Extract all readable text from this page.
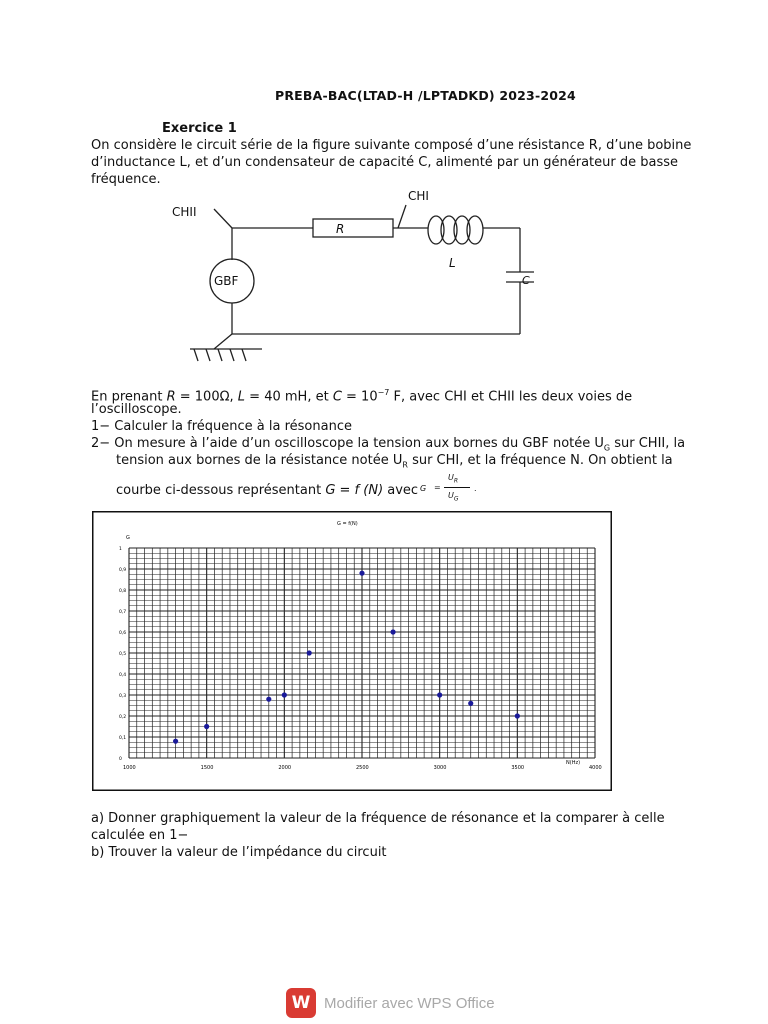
PREBA-BAC(LTAD-H /LPTADKD) 2023-2024
Exercice 1
On considère le circuit série de la figure suivante composé d’une résistance R, d’une bobine
d’inductance L, et d’un condensateur de capacité C, alimenté par un générateur de basse
fréquence.
CHII
CHI
R
L
C
GBF
En prenant R = 100Ω, L = 40 mH, et $C = 10^{-7}$ F, avec CHI et CHII les deux voies de
l’oscilloscope.
1− Calculer la fréquence à la résonance
2− On mesure à l’aide d’un oscilloscope la tension aux bornes du GBF notée $U_G$ sur CHII, la
tension aux bornes de la résistance notée $U_R$ sur CHI, et la fréquence N. On obtient la
courbe ci-dessous représentant G = f (N) avec G =
$U_R$
$U_G$
.
1000	1500	2000	2500	3000	3500	4000
0
0,1
0,2
0,3
0,4
0,5
0,6
0,7
0,8
0,9
1
G = f(N)
G
N(Hz)
a) Donner graphiquement la valeur de la fréquence de résonance et la comparer à celle
calculée en 1−
b) Trouver la valeur de l’impédance du circuit
W Modifier avec WPS Office
